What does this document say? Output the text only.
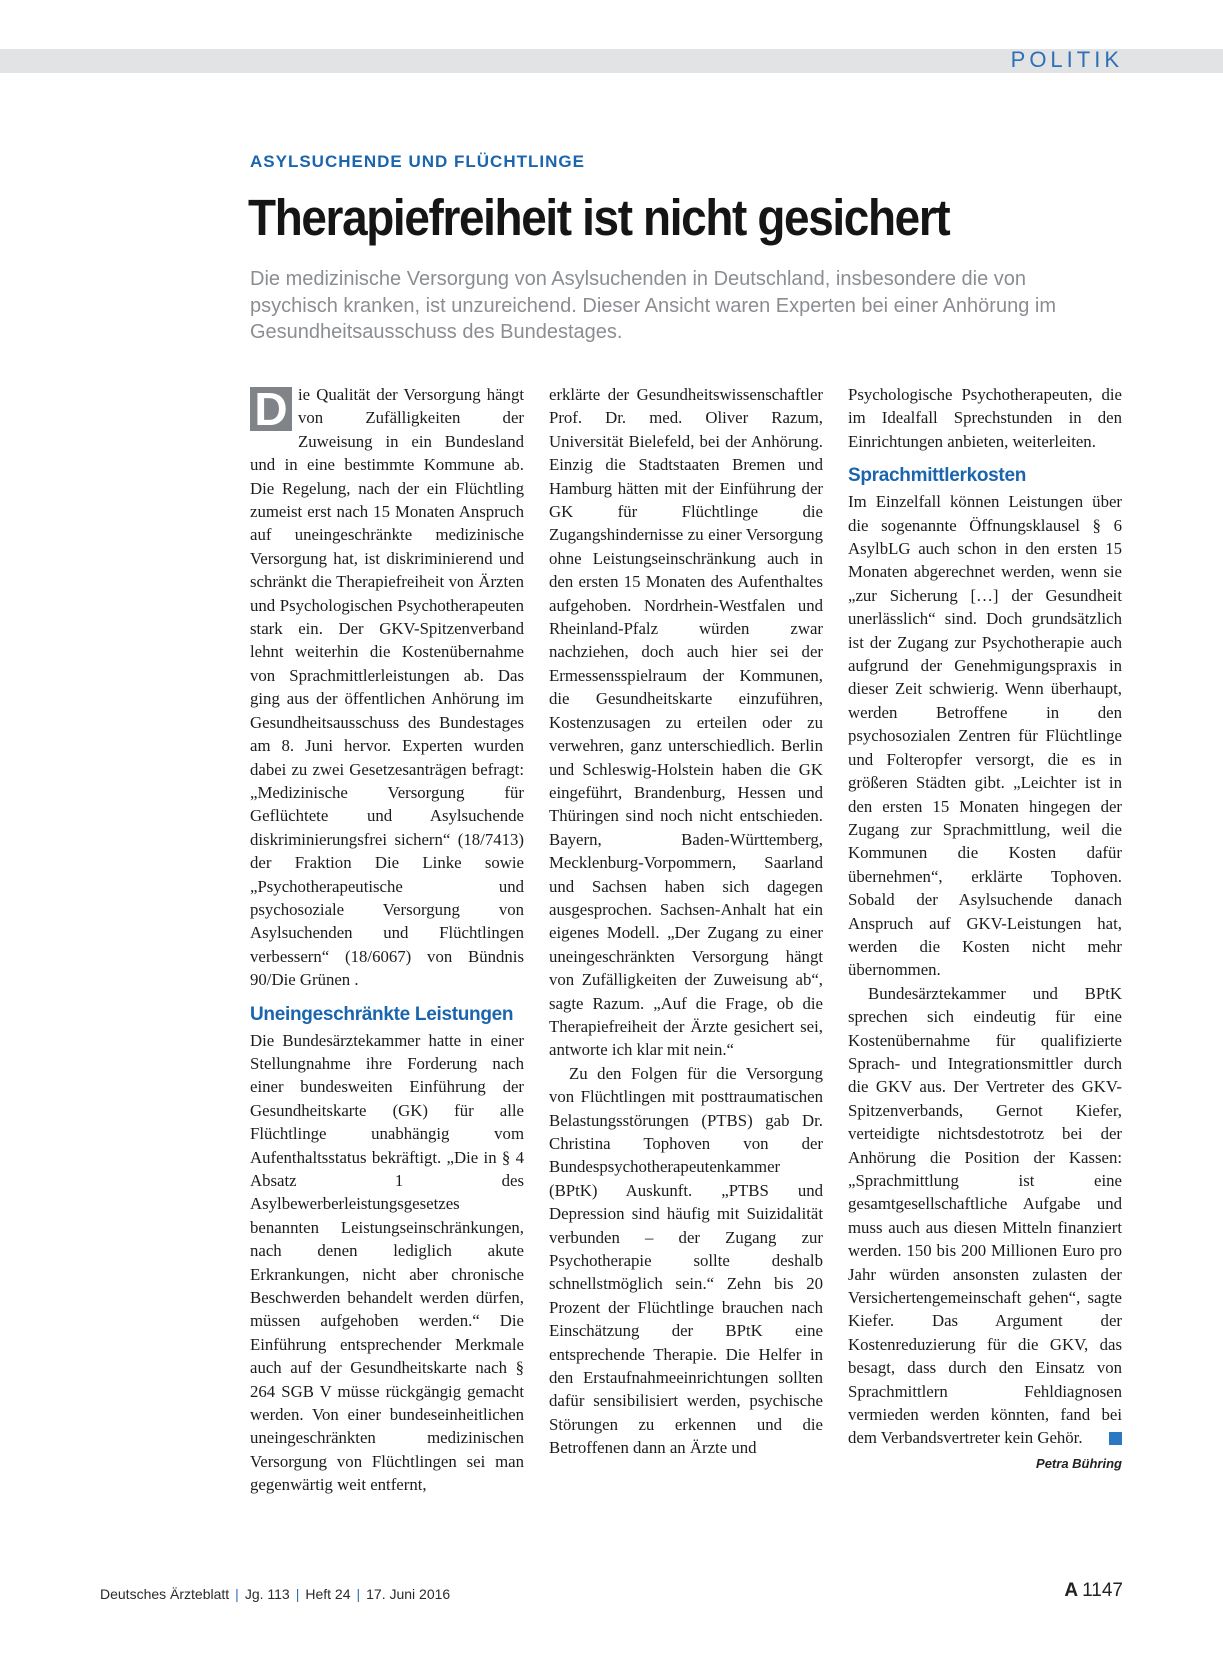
POLITIK
ASYLSUCHENDE UND FLÜCHTLINGE
Therapiefreiheit ist nicht gesichert

Die medizinische Versorgung von Asylsuchenden in Deutschland, insbesondere die von psychisch kranken, ist unzureichend. Dieser Ansicht waren Experten bei einer Anhörung im Gesundheitsausschuss des Bundestages.

D ie Qualität der Versorgung hängt von Zufälligkeiten der Zuweisung in ein Bundesland und in eine bestimmte Kommune ab. Die Regelung, nach der ein Flüchtling zumeist erst nach 15 Monaten Anspruch auf uneingeschränkte medizinische Versorgung hat, ist diskriminierend und schränkt die Therapiefreiheit von Ärzten und Psychologischen Psychotherapeuten stark ein. Der GKV-Spitzenverband lehnt weiterhin die Kostenübernahme von Sprachmittlerleistungen ab. Das ging aus der öffentlichen Anhörung im Gesundheitsausschuss des Bundestages am 8. Juni hervor. Experten wurden dabei zu zwei Gesetzesanträgen befragt: „Medizinische Versorgung für Geflüchtete und Asylsuchende diskriminierungsfrei sichern“ (18/7413) der Fraktion Die Linke sowie „Psychotherapeutische und psychosoziale Versorgung von Asylsuchenden und Flüchtlingen verbessern“ (18/6067) von Bündnis 90/Die Grünen .

Uneingeschränkte Leistungen

Die Bundesärztekammer hatte in einer Stellungnahme ihre Forderung nach einer bundesweiten Einführung der Gesundheitskarte (GK) für alle Flüchtlinge unabhängig vom Aufenthaltsstatus bekräftigt. „Die in § 4 Absatz 1 des Asylbewerberleistungsgesetzes benannten Leistungseinschränkungen, nach denen lediglich akute Erkrankungen, nicht aber chronische Beschwerden behandelt werden dürfen, müssen aufgehoben werden.“ Die Einführung entsprechender Merkmale auch auf der Gesundheitskarte nach § 264 SGB V müsse rückgängig gemacht werden. Von einer bundeseinheitlichen uneingeschränkten medizinischen Versorgung von Flüchtlingen sei man gegenwärtig weit entfernt,

erklärte der Gesundheitswissenschaftler Prof. Dr. med. Oliver Razum, Universität Bielefeld, bei der Anhörung. Einzig die Stadtstaaten Bremen und Hamburg hätten mit der Einführung der GK für Flüchtlinge die Zugangshindernisse zu einer Versorgung ohne Leistungseinschränkung auch in den ersten 15 Monaten des Aufenthaltes aufgehoben. Nordrhein-Westfalen und Rheinland-Pfalz würden zwar nachziehen, doch auch hier sei der Ermessensspielraum der Kommunen, die Gesundheitskarte einzuführen, Kostenzusagen zu erteilen oder zu verwehren, ganz unterschiedlich. Berlin und Schleswig-Holstein haben die GK eingeführt, Brandenburg, Hessen und Thüringen sind noch nicht entschieden. Bayern, Baden-Württemberg, Mecklenburg-Vorpommern, Saarland und Sachsen haben sich dagegen ausgesprochen. Sachsen-Anhalt hat ein eigenes Modell. „Der Zugang zu einer uneingeschränkten Versorgung hängt von Zufälligkeiten der Zuweisung ab“, sagte Razum. „Auf die Frage, ob die Therapiefreiheit der Ärzte gesichert sei, antworte ich klar mit nein.“

Zu den Folgen für die Versorgung von Flüchtlingen mit posttraumatischen Belastungsstörungen (PTBS) gab Dr. Christina Tophoven von der Bundespsychotherapeutenkammer (BPtK) Auskunft. „PTBS und Depression sind häufig mit Suizidalität verbunden – der Zugang zur Psychotherapie sollte deshalb schnellstmöglich sein.“ Zehn bis 20 Prozent der Flüchtlinge brauchen nach Einschätzung der BPtK eine entsprechende Therapie. Die Helfer in den Erstaufnahmeeinrichtungen sollten dafür sensibilisiert werden, psychische Störungen zu erkennen und die Betroffenen dann an Ärzte und

Psychologische Psychotherapeuten, die im Idealfall Sprechstunden in den Einrichtungen anbieten, weiterleiten.

Sprachmittlerkosten

Im Einzelfall können Leistungen über die sogenannte Öffnungsklausel § 6 AsylbLG auch schon in den ersten 15 Monaten abgerechnet werden, wenn sie „zur Sicherung […] der Gesundheit unerlässlich“ sind. Doch grundsätzlich ist der Zugang zur Psychotherapie auch aufgrund der Genehmigungspraxis in dieser Zeit schwierig. Wenn überhaupt, werden Betroffene in den psychosozialen Zentren für Flüchtlinge und Folteropfer versorgt, die es in größeren Städten gibt. „Leichter ist in den ersten 15 Monaten hingegen der Zugang zur Sprachmittlung, weil die Kommunen die Kosten dafür übernehmen“, erklärte Tophoven. Sobald der Asylsuchende danach Anspruch auf GKV-Leistungen hat, werden die Kosten nicht mehr übernommen.

Bundesärztekammer und BPtK sprechen sich eindeutig für eine Kostenübernahme für qualifizierte Sprach- und Integrationsmittler durch die GKV aus. Der Vertreter des GKV-Spitzenverbands, Gernot Kiefer, verteidigte nichtsdestotrotz bei der Anhörung die Position der Kassen: „Sprachmittlung ist eine gesamtgesellschaftliche Aufgabe und muss auch aus diesen Mitteln finanziert werden. 150 bis 200 Millionen Euro pro Jahr würden ansonsten zulasten der Versichertengemeinschaft gehen“, sagte Kiefer. Das Argument der Kostenreduzierung für die GKV, das besagt, dass durch den Einsatz von Sprachmittlern Fehldiagnosen vermieden werden könnten, fand bei dem Verbandsvertreter kein Gehör.

Petra Bühring
Deutsches Ärzteblatt | Jg. 113 | Heft 24 | 17. Juni 2016	A 1147
